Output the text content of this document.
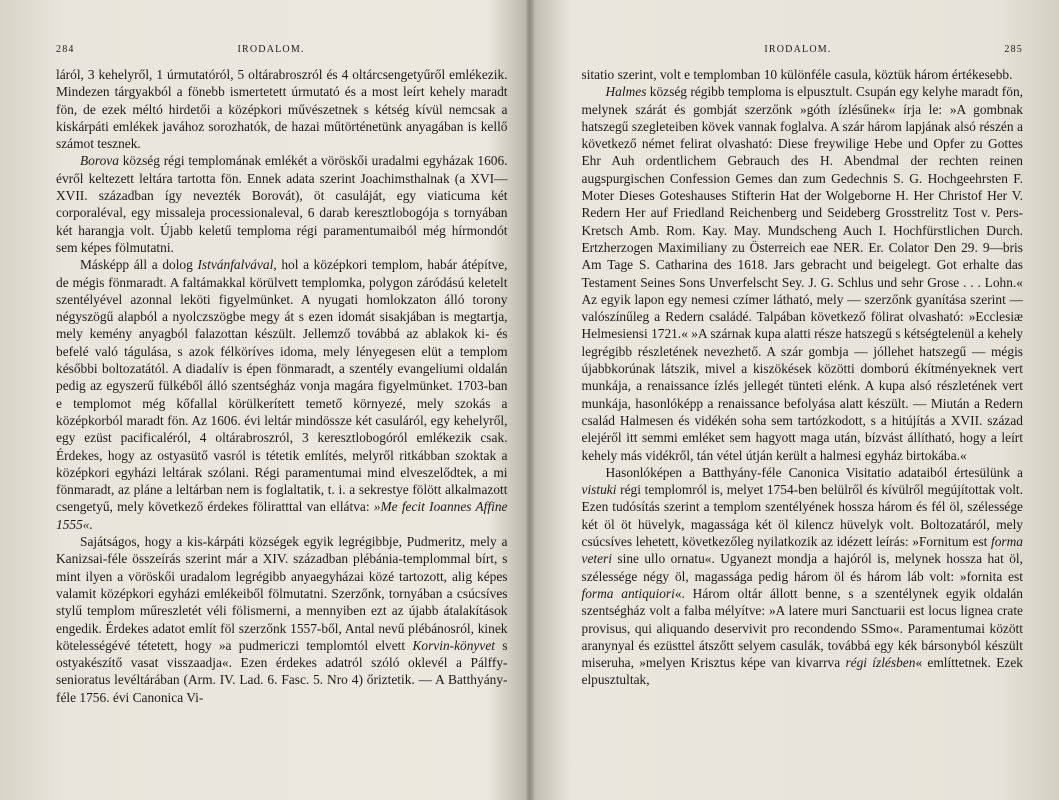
284	IRODALOM.

láról, 3 kehelyről, 1 úrmutatóról, 5 oltárabroszról és 4 oltárcsengetyűről emlékezik. Mindezen tárgyakból a fönebb ismertetett úrmutató és a most leírt kehely maradt fön, de ezek méltó hirdetői a középkori művészetnek s kétség kívül nemcsak a kiskárpáti emlékek javához sorozhatók, de hazai műtörténetünk anyagában is kellő számot tesznek.

Borova község régi templomának emlékét a vöröskői uradalmi egyházak 1606. évről keltezett leltára tartotta fön. Ennek adata szerint Joachimsthalnak (a XVI—XVII. században így nevezték Borovát), öt casuláját, egy viaticuma két corporaléval, egy missaleja processionaleval, 6 darab keresztlobogója s tornyában két harangja volt. Újabb keletű temploma régi paramentumaiból még hírmondót sem képes fölmutatni.

Másképp áll a dolog Istvánfalvával, hol a középkori templom, habár átépítve, de mégis fönmaradt. A faltámakkal körülvett templomka, polygon záródású keletelt szentélyével azonnal leköti figyelmünket. A nyugati homlokzaton álló torony négyszögű alapból a nyolczszögbe megy át s ezen idomát sisakjában is megtartja, mely kemény anyagból falazottan készült. Jellemző továbbá az ablakok ki- és befelé való tágulása, s azok félköríves idoma, mely lényegesen elüt a templom későbbi boltozatától. A diadalív is épen fönmaradt, a szentély evangeliumi oldalán pedig az egyszerű fülkéből álló szentségház vonja magára figyelmünket. 1703-ban e templomot még kőfallal körülkerített temető környezé, mely szokás a középkorból maradt fön. Az 1606. évi leltár mindössze két casuláról, egy kehelyről, egy ezüst pacificaléról, 4 oltárabroszról, 3 keresztlobogóról emlékezik csak. Érdekes, hogy az ostyasütő vasról is tétetik említés, melyről ritkábban szoktak a középkori egyházi leltárak szólani. Régi paramentumai mind elveszelődtek, a mi fönmaradt, az pláne a leltárban nem is foglaltatik, t. i. a sekrestye fölött alkalmazott csengetyű, mely következő érdekes föliratttal van ellátva: »Me fecit Ioannes Affine 1555«.

Sajátságos, hogy a kis-kárpáti községek egyik legrégibbje, Pudmeritz, mely a Kanizsai-féle összeírás szerint már a XIV. században plébánia-templommal bírt, s mint ilyen a vöröskői uradalom legrégibb anyaegyházai közé tartozott, alig képes valamit középkori egyházi emlékeiből fölmutatni. Szerzőnk, tornyában a csúcsíves stylű templom műreszletét véli fölismerni, a mennyiben ezt az újabb átalakítások engedik. Érdekes adatot említ föl szerzőnk 1557-ből, Antal nevű plébánosról, kinek kötelességévé tétetett, hogy »a pudmericzi templomtól elvett Korvin-könyvet s ostyakészítő vasat visszaadja«. Ezen érdekes adatról szóló oklevél a Pálffy-senioratus levéltárában (Arm. IV. Lad. 6. Fasc. 5. Nro 4) őriztetik. — A Batthyány-féle 1756. évi Canonica Vi-

IRODALOM.	285

sitatio szerint, volt e templomban 10 különféle casula, köztük három értékesebb.

Halmes község régibb temploma is elpusztult. Csupán egy kelyhe maradt fön, melynek szárát és gombját szerzőnk »góth ízlésűnek« írja le: »A gombnak hatszegű szegleteiben kövek vannak foglalva. A szár három lapjának alsó részén a következő német felirat olvasható: Diese freywilige Hebe und Opfer zu Gottes Ehr Auh ordentlichem Gebrauch des H. Abendmal der rechten reinen augspurgischen Confession Gemes dan zum Gedechnis S. G. Hochgeehrsten F. Moter Dieses Goteshauses Stifterin Hat der Wolgeborne H. Her Christof Her V. Redern Her auf Friedland Reichenberg und Seideberg Grosstrelitz Tost v. Pers-Kretsch Amb. Rom. Kay. May. Mundscheng Auch I. Hochfürstlichen Durch. Ertzherzogen Maximiliany zu Österreich eae NER. Er. Colator Den 29. 9—bris Am Tage S. Catharina des 1618. Jars gebracht und beigelegt. Got erhalte das Testament Seines Sons Unverfelscht Sey. J. G. Schlus und sehr Grose . . . Lohn.« Az egyik lapon egy nemesi czímer látható, mely — szerzőnk gyanítása szerint — valószínűleg a Redern családé. Talpában következő fölirat olvasható: »Ecclesiæ Helmesiensi 1721.« »A szárnak kupa alatti része hatszegű s kétségtelenül a kehely legrégibb részletének nevezhető. A szár gombja — jóllehet hatszegű — mégis újabbkorúnak látszik, mivel a kiszökések közötti domború ékítményeknek vert munkája, a renaissance ízlés jellegét tünteti elénk. A kupa alsó részletének vert munkája, hasonlóképp a renaissance befolyása alatt készült. — Miután a Redern család Halmesen és vidékén soha sem tartózkodott, s a hitújítás a XVII. század elejéről itt semmi emléket sem hagyott maga után, bízvást állítható, hogy a leírt kehely más vidékről, tán vétel útján került a halmesi egyház birtokába.«

Hasonlóképen a Batthyány-féle Canonica Visitatio adataiból értesülünk a vistuki régi templomról is, melyet 1754-ben belülről és kívülről megújítottak volt. Ezen tudósítás szerint a templom szentélyének hossza három és fél öl, szélessége két öl öt hüvelyk, magassága két öl kilencz hüvelyk volt. Boltozatáról, mely csúcsíves lehetett, következőleg nyilatkozik az idézett leírás: »Fornitum est forma veteri sine ullo ornatu«. Ugyanezt mondja a hajóról is, melynek hossza hat öl, szélessége négy öl, magassága pedig három öl és három láb volt: »fornita est forma antiquiori«. Három oltár állott benne, s a szentélynek egyik oldalán szentségház volt a falba mélyítve: »A latere muri Sanctuarii est locus lignea crate provisus, qui aliquando deservivit pro recondendo SSmo«. Paramentumai között aranynyal és ezüsttel átszőtt selyem casulák, továbbá egy kék bársonyból készült miseruha, »melyen Krisztus képe van kivarrva régi ízlésben« említtetnek. Ezek elpusztultak,
